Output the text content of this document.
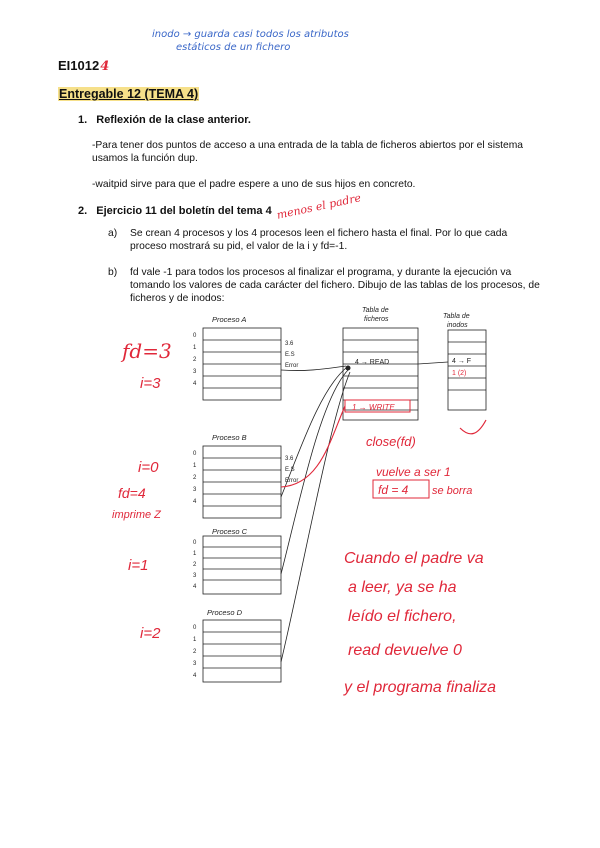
inodo → guarda casi todos los atributos
estáticos de un fichero
EI10124
Entregable 12 (TEMA 4)
1. Reflexión de la clase anterior.
-Para tener dos puntos de acceso a una entrada de la tabla de ficheros abiertos por el sistema usamos la función dup.
-waitpid sirve para que el padre espere a uno de sus hijos en concreto.
2. Ejercicio 11 del boletín del tema 4 menos el padre
a) Se crean 4 procesos y los 4 procesos leen el fichero hasta el final. Por lo que cada proceso mostrará su pid, el valor de la i y fd=-1.
b) fd vale -1 para todos los procesos al finalizar el programa, y durante la ejecución va tomando los valores de cada carácter del fichero. Dibujo de las tablas de los procesos, de ficheros y de inodos:
Tabla de
ficheros	Tabla de
inodos
4 → READ
1 → WRITE
4 → F
1 (2)
Proceso A
0
1
2
3
4
3.6
E.S
Error
fd=3
i=3
Proceso B
0
1
2
3
4
3.6
E.S
Error
i=0
fd=4
imprime Z
Proceso C
0
1
2
3
4
i=1
Proceso D
0
1
2
3
4
i=2
close(fd)
vuelve a ser 1
fd = 4 se borra
Cuando el padre va
a leer, ya se ha
leído el fichero,
read devuelve 0
y el programa finaliza
